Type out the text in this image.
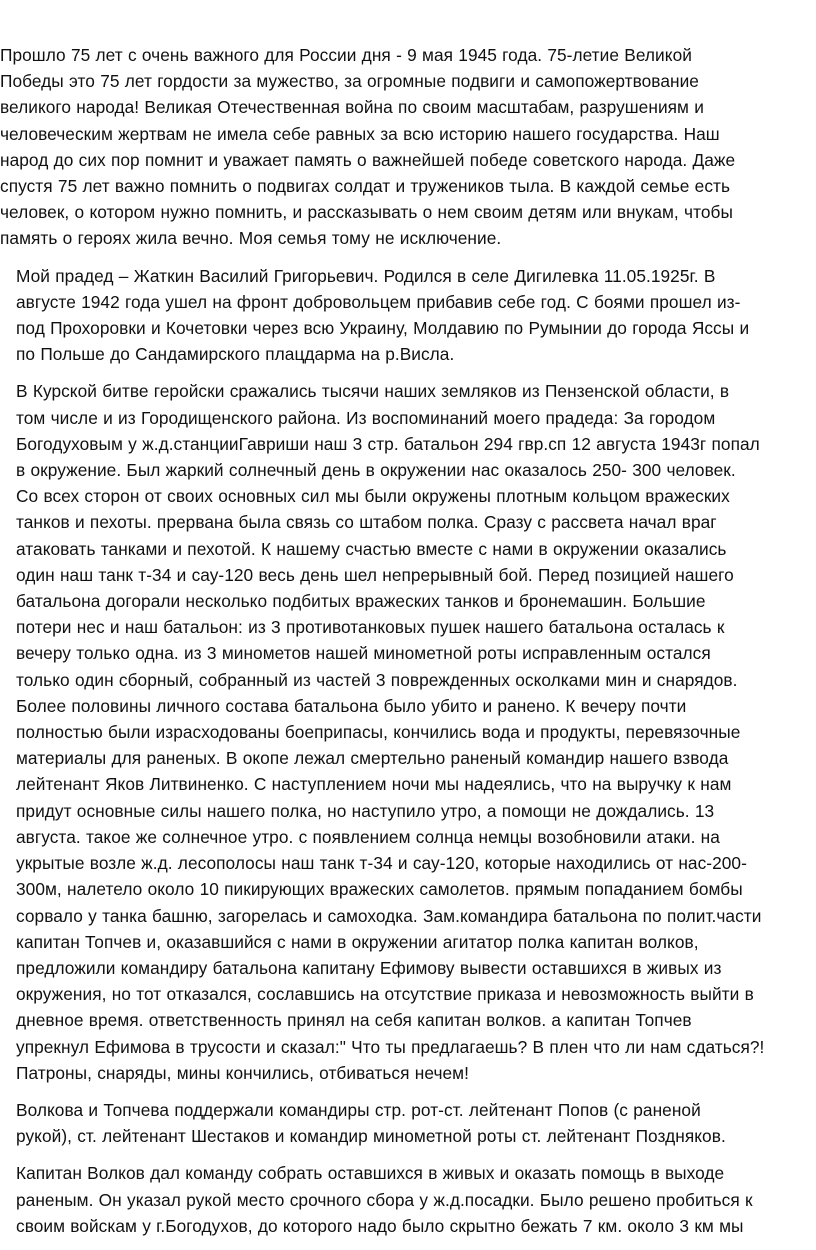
Прошло 75 лет с очень важного для России дня - 9 мая 1945 года. 75-летие Великой
Победы это 75 лет гордости за мужество, за огромные подвиги и самопожертвование
великого народа! Великая Отечественная война по своим масштабам, разрушениям и
человеческим жертвам не имела себе равных за всю историю нашего государства. Наш
народ до сих пор помнит и уважает память о важнейшей победе советского народа. Даже
спустя 75 лет важно помнить о подвигах солдат и тружеников тыла. В каждой семье есть
человек, о котором нужно помнить, и рассказывать о нем своим детям или внукам, чтобы
память о героях жила вечно. Моя семья тому не исключение.

Мой прадед – Жаткин Василий Григорьевич. Родился в селе Дигилевка 11.05.1925г. В
августе 1942 года ушел на фронт добровольцем прибавив себе год. С боями прошел из-
под Прохоровки и Кочетовки через всю Украину, Молдавию по Румынии до города Яссы и
по Польше до Сандамирского плацдарма на р.Висла.

В Курской битве геройски сражались тысячи наших земляков из Пензенской области, в
том числе и из Городищенского района. Из воспоминаний моего прадеда: За городом
Богодуховым у ж.д.станцииГавриши наш 3 стр. батальон 294 гвр.сп 12 августа 1943г попал
в окружение. Был жаркий солнечный день в окружении нас оказалось 250- 300 человек.
Со всех сторон от своих основных сил мы были окружены плотным кольцом вражеских
танков и пехоты. прервана была связь со штабом полка. Сразу с рассвета начал враг
атаковать танками и пехотой. К нашему счастью вместе с нами в окружении оказались
один наш танк т-34 и сау-120 весь день шел непрерывный бой. Перед позицией нашего
батальона догорали несколько подбитых вражеских танков и бронемашин. Большие
потери нес и наш батальон: из 3 противотанковых пушек нашего батальона осталась к
вечеру только одна. из 3 минометов нашей минометной роты исправленным остался
только один сборный, собранный из частей 3 поврежденных осколками мин и снарядов.
Более половины личного состава батальона было убито и ранено. К вечеру почти
полностью были израсходованы боеприпасы, кончились вода и продукты, перевязочные
материалы для раненых. В окопе лежал смертельно раненый командир нашего взвода
лейтенант Яков Литвиненко. С наступлением ночи мы надеялись, что на выручку к нам
придут основные силы нашего полка, но наступило утро, а помощи не дождались. 13
августа. такое же солнечное утро. с появлением солнца немцы возобновили атаки. на
укрытые возле ж.д. лесополосы наш танк т-34 и сау-120, которые находились от нас-200-
300м, налетело около 10 пикирующих вражеских самолетов. прямым попаданием бомбы
сорвало у танка башню, загорелась и самоходка. Зам.командира батальона по полит.части
капитан Топчев и, оказавшийся с нами в окружении агитатор полка капитан волков,
предложили командиру батальона капитану Ефимову вывести оставшихся в живых из
окружения, но тот отказался, сославшись на отсутствие приказа и невозможность выйти в
дневное время. ответственность принял на себя капитан волков. а капитан Топчев
упрекнул Ефимова в трусости и сказал:" Что ты предлагаешь? В плен что ли нам сдаться?!
Патроны, снаряды, мины кончились, отбиваться нечем!

Волкова и Топчева поддержали командиры стр. рот-ст. лейтенант Попов (с раненой
рукой), ст. лейтенант Шестаков и командир минометной роты ст. лейтенант Поздняков.

Капитан Волков дал команду собрать оставшихся в живых и оказать помощь в выходе
раненым. Он указал рукой место срочного сбора у ж.д.посадки. Было решено пробиться к
своим войскам у г.Богодухов, до которого надо было скрытно бежать 7 км. около 3 км мы
